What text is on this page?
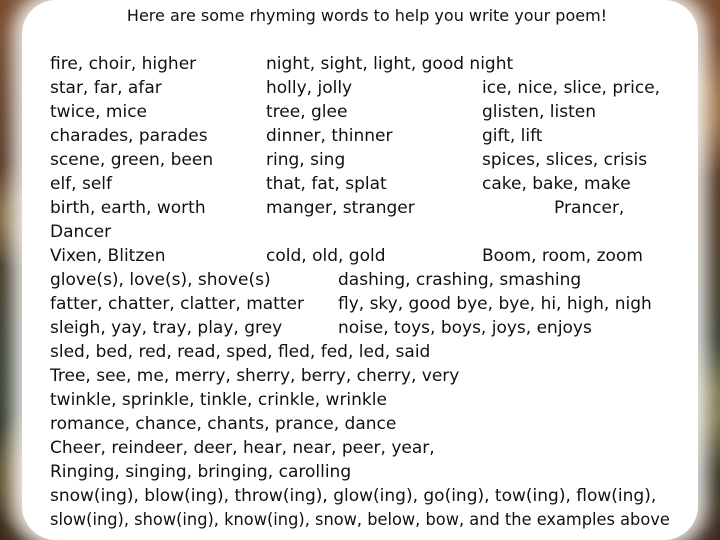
Here are some rhyming words to help you write your poem!
fire, choir, higher
star, far, afar
twice, mice
charades, parades
scene, green, been
elf, self
birth, earth, worth
Dancer
Vixen, Blitzen
night, sight, light, good night
holly, jolly
tree, glee
dinner, thinner
ring, sing
that, fat, splat
manger, stranger
cold, old, gold
ice, nice, slice, price,
glisten, listen
gift, lift
spices, slices, crisis
cake, bake, make
Prancer,
Boom, room, zoom
glove(s), love(s), shove(s)
fatter, chatter, clatter, matter
sleigh, yay, tray, play, grey
dashing, crashing, smashing
fly, sky, good bye, bye, hi, high, nigh
noise, toys, boys, joys, enjoys
sled, bed, red, read, sped, fled, fed, led, said
Tree, see, me, merry, sherry, berry, cherry, very
twinkle, sprinkle, tinkle, crinkle, wrinkle
romance, chance, chants, prance, dance
Cheer, reindeer, deer, hear, near, peer, year,
Ringing, singing, bringing, carolling
snow(ing), blow(ing), throw(ing), glow(ing), go(ing), tow(ing), flow(ing),
slow(ing), show(ing), know(ing), snow, below, bow, and the examples above
